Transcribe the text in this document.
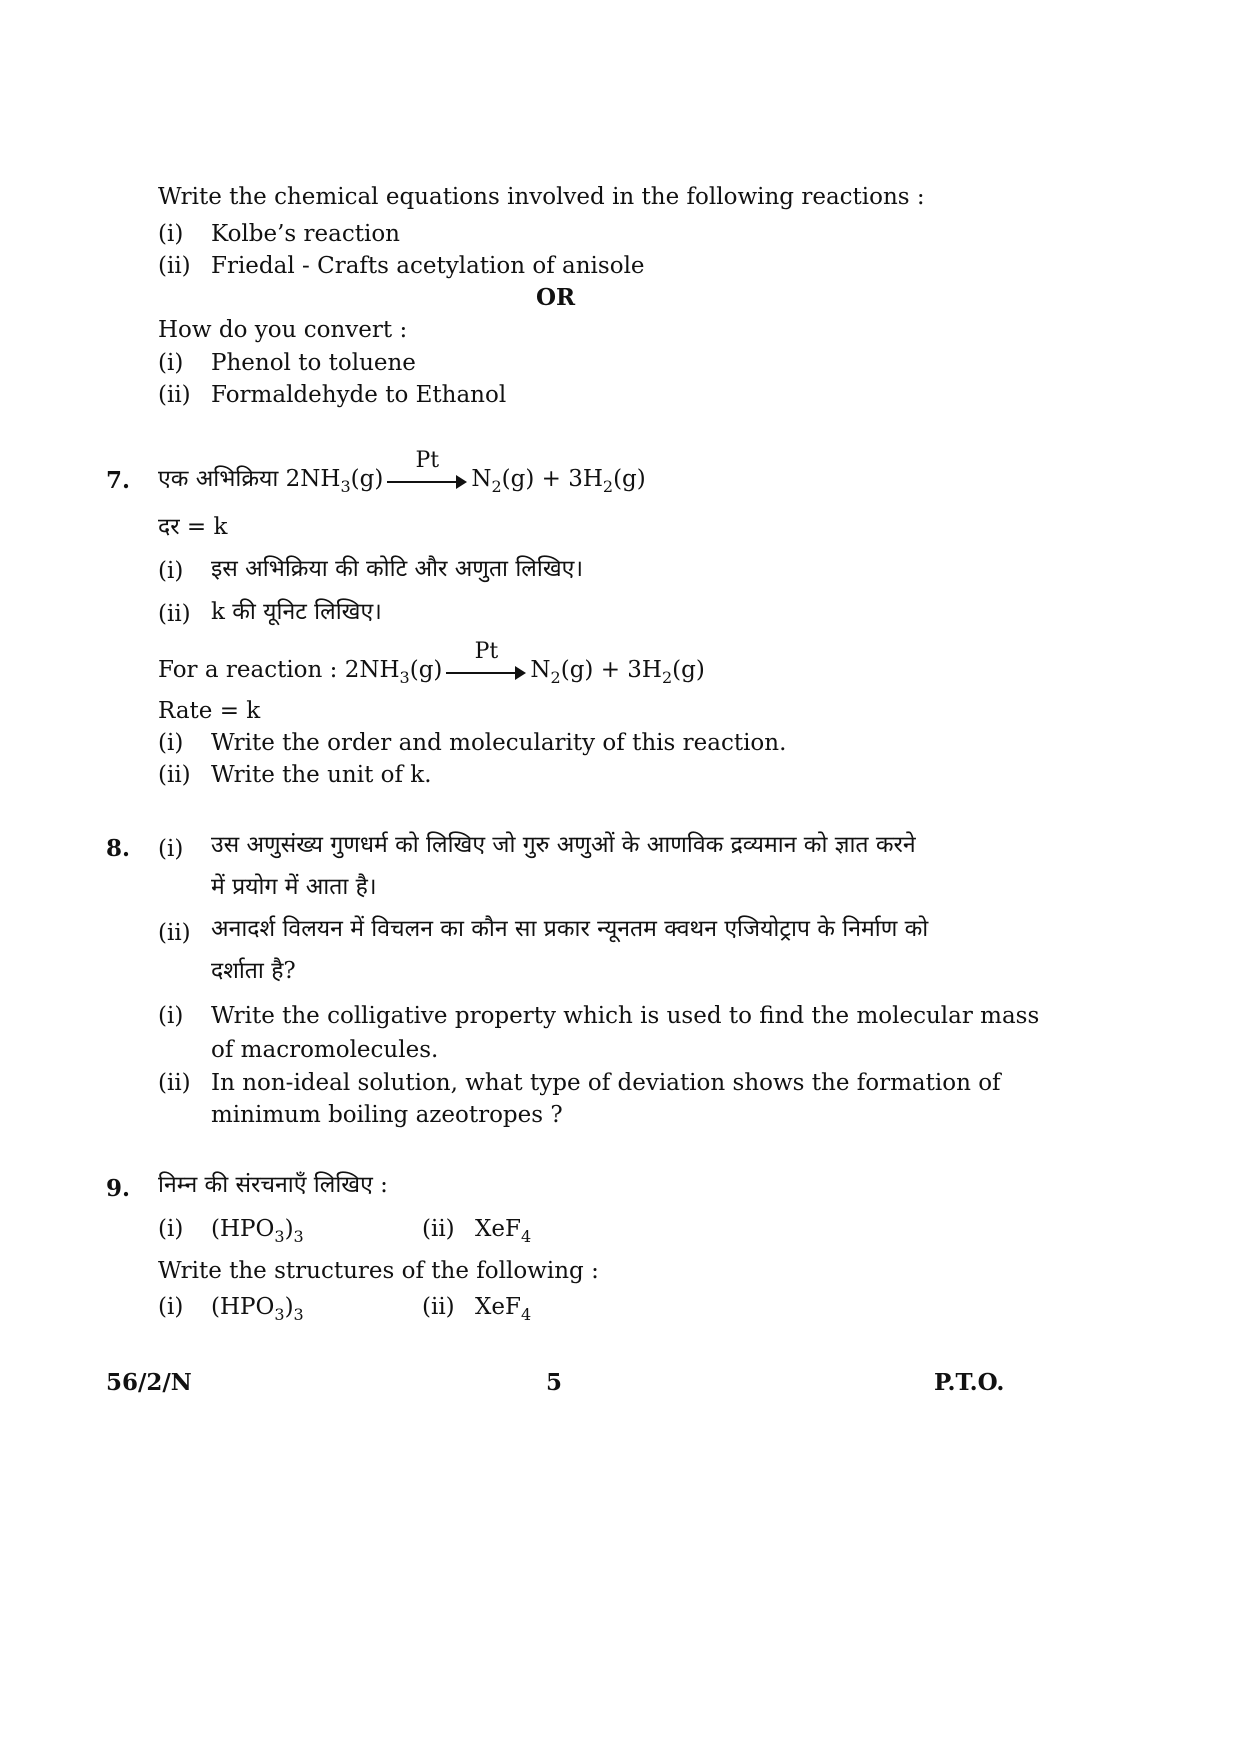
Write the chemical equations involved in the following reactions :
(i) Kolbe’s reaction
(ii) Friedal - Crafts acetylation of anisole
OR
How do you convert :
(i) Phenol to toluene
(ii) Formaldehyde to Ethanol
7. एक अभिक्रिया $2NH_3(g)$
Pt
$N_2(g) + 3H_2(g)$
दर = k
(i) इस अभिक्रिया की कोटि और अणुता लिखिए।
(ii) k की यूनिट लिखिए।
For a reaction : $2NH_3(g)$
Pt
$N_2(g) + 3H_2(g)$
Rate = k
(i) Write the order and molecularity of this reaction.
(ii) Write the unit of k.
8. (i) उस अणुसंख्य गुणधर्म को लिखिए जो गुरु अणुओं के आणविक द्रव्यमान को ज्ञात करने
में प्रयोग में आता है।
(ii) अनादर्श विलयन में विचलन का कौन सा प्रकार न्यूनतम क्वथन एजियोट्राप के निर्माण को
दर्शाता है?
(i) Write the colligative property which is used to find the molecular mass
of macromolecules.
(ii) In non-ideal solution, what type of deviation shows the formation of
minimum boiling azeotropes ?
9. निम्न की संरचनाएँ लिखिए :
(i) $(HPO_3)_3$	(ii) XeF$_4$
Write the structures of the following :
(i) $(HPO_3)_3$	(ii) XeF$_4$
56/2/N	5	P.T.O.
